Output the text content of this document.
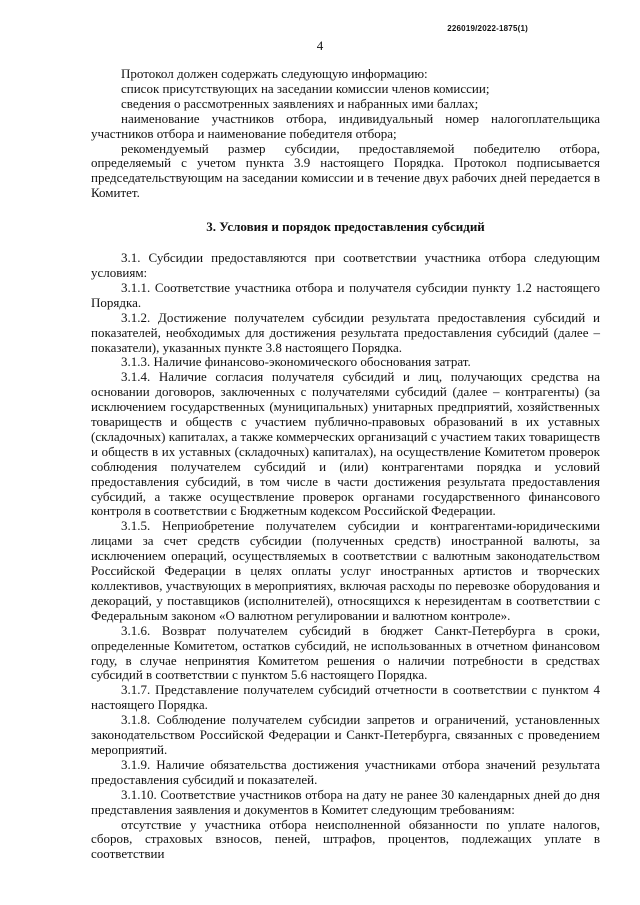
226019/2022-1875(1)
4

Протокол должен содержать следующую информацию:

список присутствующих на заседании комиссии членов комиссии;

сведения о рассмотренных заявлениях и набранных ими баллах;

наименование участников отбора, индивидуальный номер налогоплательщика участников отбора и наименование победителя отбора;

рекомендуемый размер субсидии, предоставляемой победителю отбора, определяемый с учетом пункта 3.9 настоящего Порядка. Протокол подписывается председательствующим на заседании комиссии и в течение двух рабочих дней передается в Комитет.

3. Условия и порядок предоставления субсидий

3.1. Субсидии предоставляются при соответствии участника отбора следующим условиям:

3.1.1. Соответствие участника отбора и получателя субсидии пункту 1.2 настоящего Порядка.

3.1.2. Достижение получателем субсидии результата предоставления субсидий и показателей, необходимых для достижения результата предоставления субсидий (далее – показатели), указанных пункте 3.8 настоящего Порядка.

3.1.3. Наличие финансово-экономического обоснования затрат.

3.1.4. Наличие согласия получателя субсидий и лиц, получающих средства на основании договоров, заключенных с получателями субсидий (далее – контрагенты) (за исключением государственных (муниципальных) унитарных предприятий, хозяйственных товариществ и обществ с участием публично-правовых образований в их уставных (складочных) капиталах, а также коммерческих организаций с участием таких товариществ и обществ в их уставных (складочных) капиталах), на осуществление Комитетом проверок соблюдения получателем субсидий и (или) контрагентами порядка и условий предоставления субсидий, в том числе в части достижения результата предоставления субсидий, а также осуществление проверок органами государственного финансового контроля в соответствии с Бюджетным кодексом Российской Федерации.

3.1.5. Неприобретение получателем субсидии и контрагентами-юридическими лицами за счет средств субсидии (полученных средств) иностранной валюты, за исключением операций, осуществляемых в соответствии с валютным законодательством Российской Федерации в целях оплаты услуг иностранных артистов и творческих коллективов, участвующих в мероприятиях, включая расходы по перевозке оборудования и декораций, у поставщиков (исполнителей), относящихся к нерезидентам в соответствии с Федеральным законом «О валютном регулировании и валютном контроле».

3.1.6. Возврат получателем субсидий в бюджет Санкт-Петербурга в сроки, определенные Комитетом, остатков субсидий, не использованных в отчетном финансовом году, в случае непринятия Комитетом решения о наличии потребности в средствах субсидий в соответствии с пунктом 5.6 настоящего Порядка.

3.1.7. Представление получателем субсидий отчетности в соответствии с пунктом 4 настоящего Порядка.

3.1.8. Соблюдение получателем субсидии запретов и ограничений, установленных законодательством Российской Федерации и Санкт-Петербурга, связанных с проведением мероприятий.

3.1.9. Наличие обязательства достижения участниками отбора значений результата предоставления субсидий и показателей.

3.1.10. Соответствие участников отбора на дату не ранее 30 календарных дней до дня представления заявления и документов в Комитет следующим требованиям:

отсутствие у участника отбора неисполненной обязанности по уплате налогов, сборов, страховых взносов, пеней, штрафов, процентов, подлежащих уплате в соответствии
